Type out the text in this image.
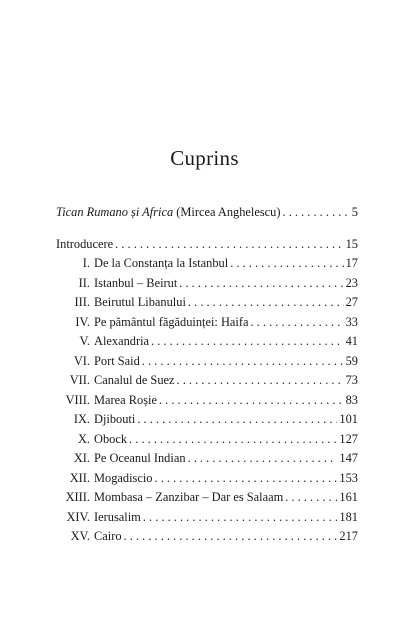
Cuprins
Tican Rumano și Africa (Mircea Anghelescu) . . .	5
Introducere . . .	15
I. De la Constanța la Istanbul . . .	17
II. Istanbul – Beirut . . .	23
III. Beirutul Libanului . . .	27
IV. Pe pământul făgăduinței: Haifa . . .	33
V. Alexandria . . .	41
VI. Port Said . . .	59
VII. Canalul de Suez . . .	73
VIII. Marea Roșie . . .	83
IX. Djibouti . . .	101
X. Obock . . .	127
XI. Pe Oceanul Indian . . .	147
XII. Mogadiscio . . .	153
XIII. Mombasa – Zanzibar – Dar es Salaam . . .	161
XIV. Ierusalim . . .	181
XV. Cairo . . .	217
